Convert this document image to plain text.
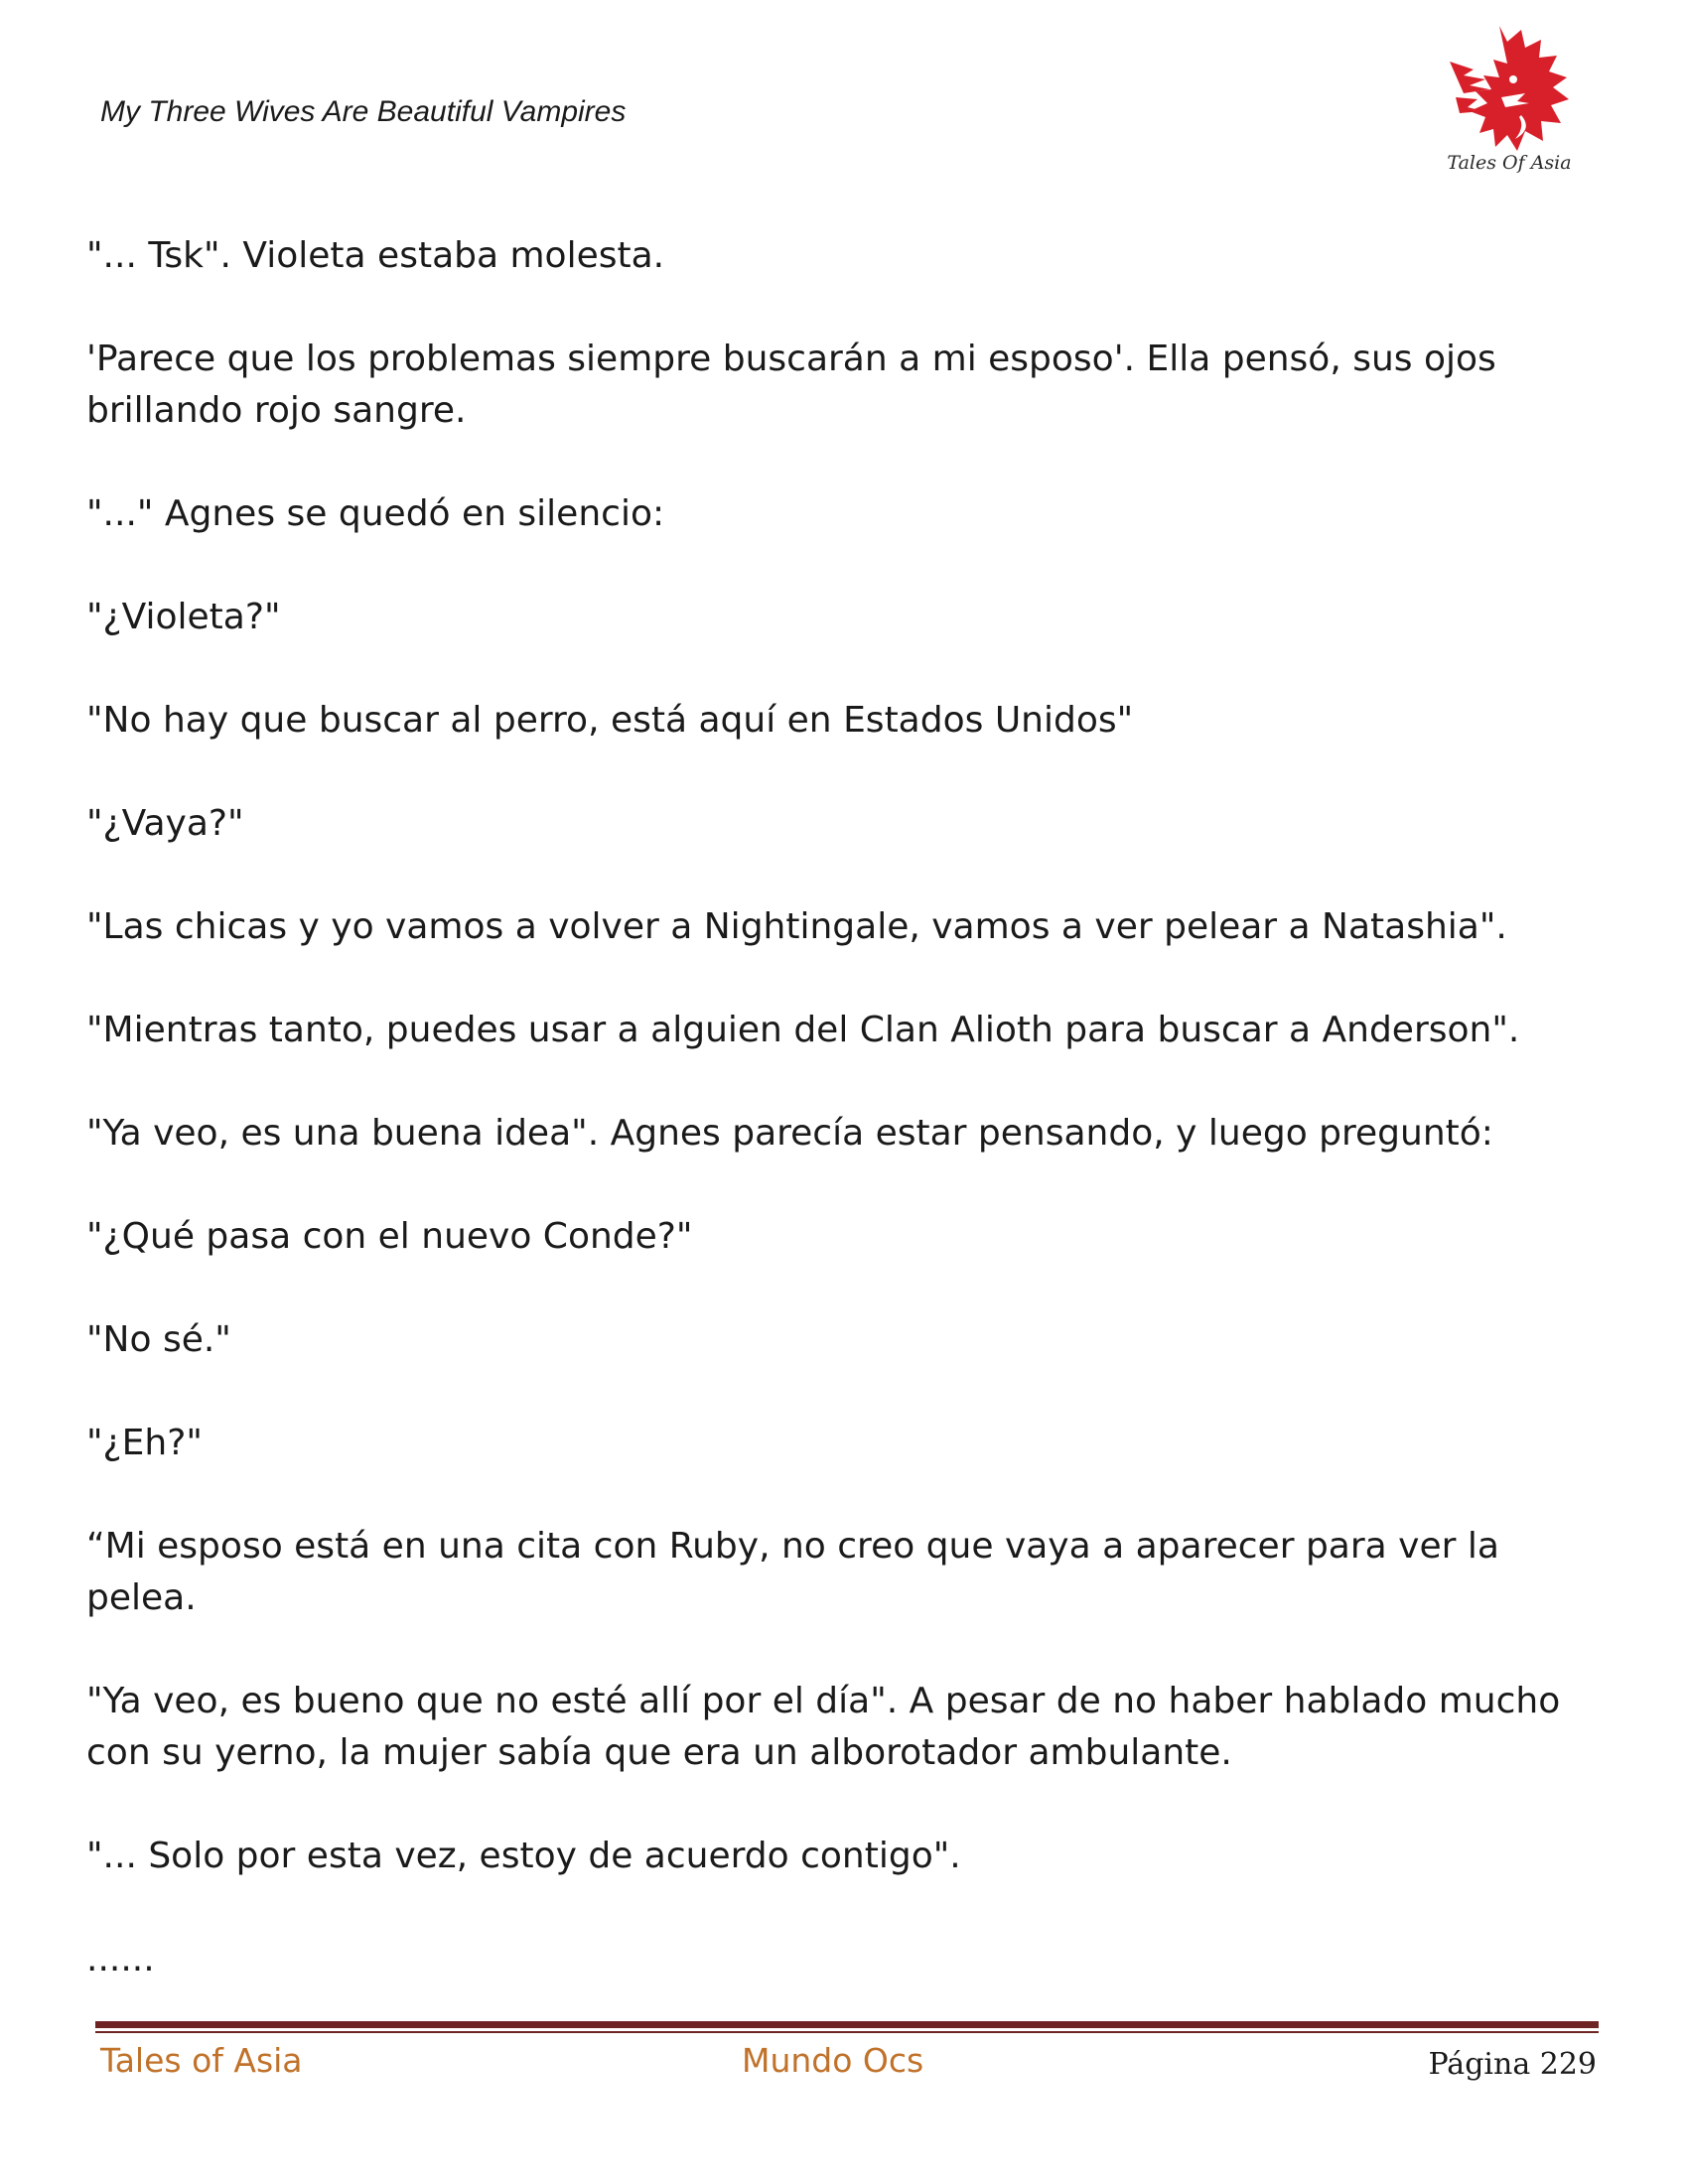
My Three Wives Are Beautiful Vampires
Tales Of Asia

"... Tsk". Violeta estaba molesta.

'Parece que los problemas siempre buscarán a mi esposo'. Ella pensó, sus ojos brillando rojo sangre.

"..." Agnes se quedó en silencio:

"¿Violeta?"

"No hay que buscar al perro, está aquí en Estados Unidos"

"¿Vaya?"

"Las chicas y yo vamos a volver a Nightingale, vamos a ver pelear a Natashia".

"Mientras tanto, puedes usar a alguien del Clan Alioth para buscar a Anderson".

"Ya veo, es una buena idea". Agnes parecía estar pensando, y luego preguntó:

"¿Qué pasa con el nuevo Conde?"

"No sé."

"¿Eh?"

“Mi esposo está en una cita con Ruby, no creo que vaya a aparecer para ver la pelea.

"Ya veo, es bueno que no esté allí por el día". A pesar de no haber hablado mucho con su yerno, la mujer sabía que era un alborotador ambulante.

"... Solo por esta vez, estoy de acuerdo contigo".

......

Tales of Asia	Mundo Ocs	Página 229
